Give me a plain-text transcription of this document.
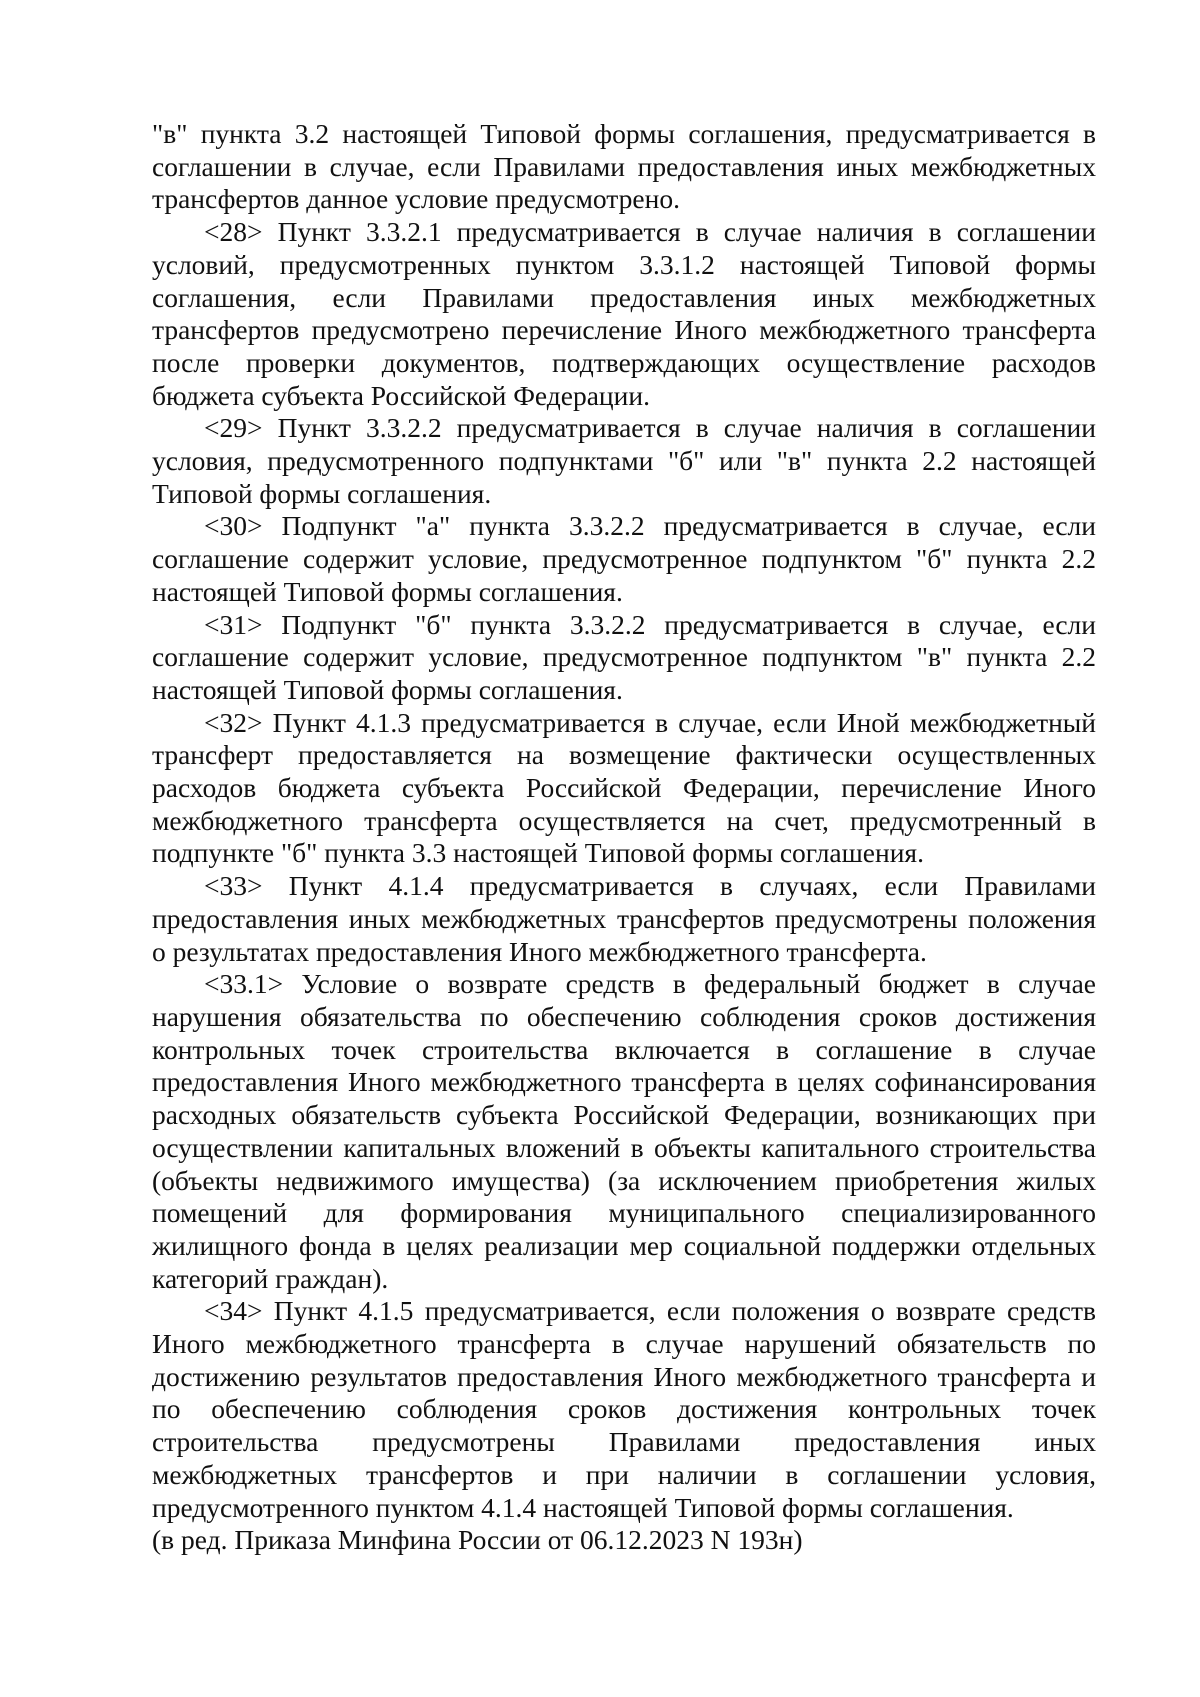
"в" пункта 3.2 настоящей Типовой формы соглашения, предусматривается в соглашении в случае, если Правилами предоставления иных межбюджетных трансфертов данное условие предусмотрено.

<28> Пункт 3.3.2.1 предусматривается в случае наличия в соглашении условий, предусмотренных пунктом 3.3.1.2 настоящей Типовой формы соглашения, если Правилами предоставления иных межбюджетных трансфертов предусмотрено перечисление Иного межбюджетного трансферта после проверки документов, подтверждающих осуществление расходов бюджета субъекта Российской Федерации.

<29> Пункт 3.3.2.2 предусматривается в случае наличия в соглашении условия, предусмотренного подпунктами "б" или "в" пункта 2.2 настоящей Типовой формы соглашения.

<30> Подпункт "а" пункта 3.3.2.2 предусматривается в случае, если соглашение содержит условие, предусмотренное подпунктом "б" пункта 2.2 настоящей Типовой формы соглашения.

<31> Подпункт "б" пункта 3.3.2.2 предусматривается в случае, если соглашение содержит условие, предусмотренное подпунктом "в" пункта 2.2 настоящей Типовой формы соглашения.

<32> Пункт 4.1.3 предусматривается в случае, если Иной межбюджетный трансферт предоставляется на возмещение фактически осуществленных расходов бюджета субъекта Российской Федерации, перечисление Иного межбюджетного трансферта осуществляется на счет, предусмотренный в подпункте "б" пункта 3.3 настоящей Типовой формы соглашения.

<33> Пункт 4.1.4 предусматривается в случаях, если Правилами предоставления иных межбюджетных трансфертов предусмотрены положения о результатах предоставления Иного межбюджетного трансферта.

<33.1> Условие о возврате средств в федеральный бюджет в случае нарушения обязательства по обеспечению соблюдения сроков достижения контрольных точек строительства включается в соглашение в случае предоставления Иного межбюджетного трансферта в целях софинансирования расходных обязательств субъекта Российской Федерации, возникающих при осуществлении капитальных вложений в объекты капитального строительства (объекты недвижимого имущества) (за исключением приобретения жилых помещений для формирования муниципального специализированного жилищного фонда в целях реализации мер социальной поддержки отдельных категорий граждан).

<34> Пункт 4.1.5 предусматривается, если положения о возврате средств Иного межбюджетного трансферта в случае нарушений обязательств по достижению результатов предоставления Иного межбюджетного трансферта и по обеспечению соблюдения сроков достижения контрольных точек строительства предусмотрены Правилами предоставления иных межбюджетных трансфертов и при наличии в соглашении условия, предусмотренного пунктом 4.1.4 настоящей Типовой формы соглашения.

(в ред. Приказа Минфина России от 06.12.2023 N 193н)
